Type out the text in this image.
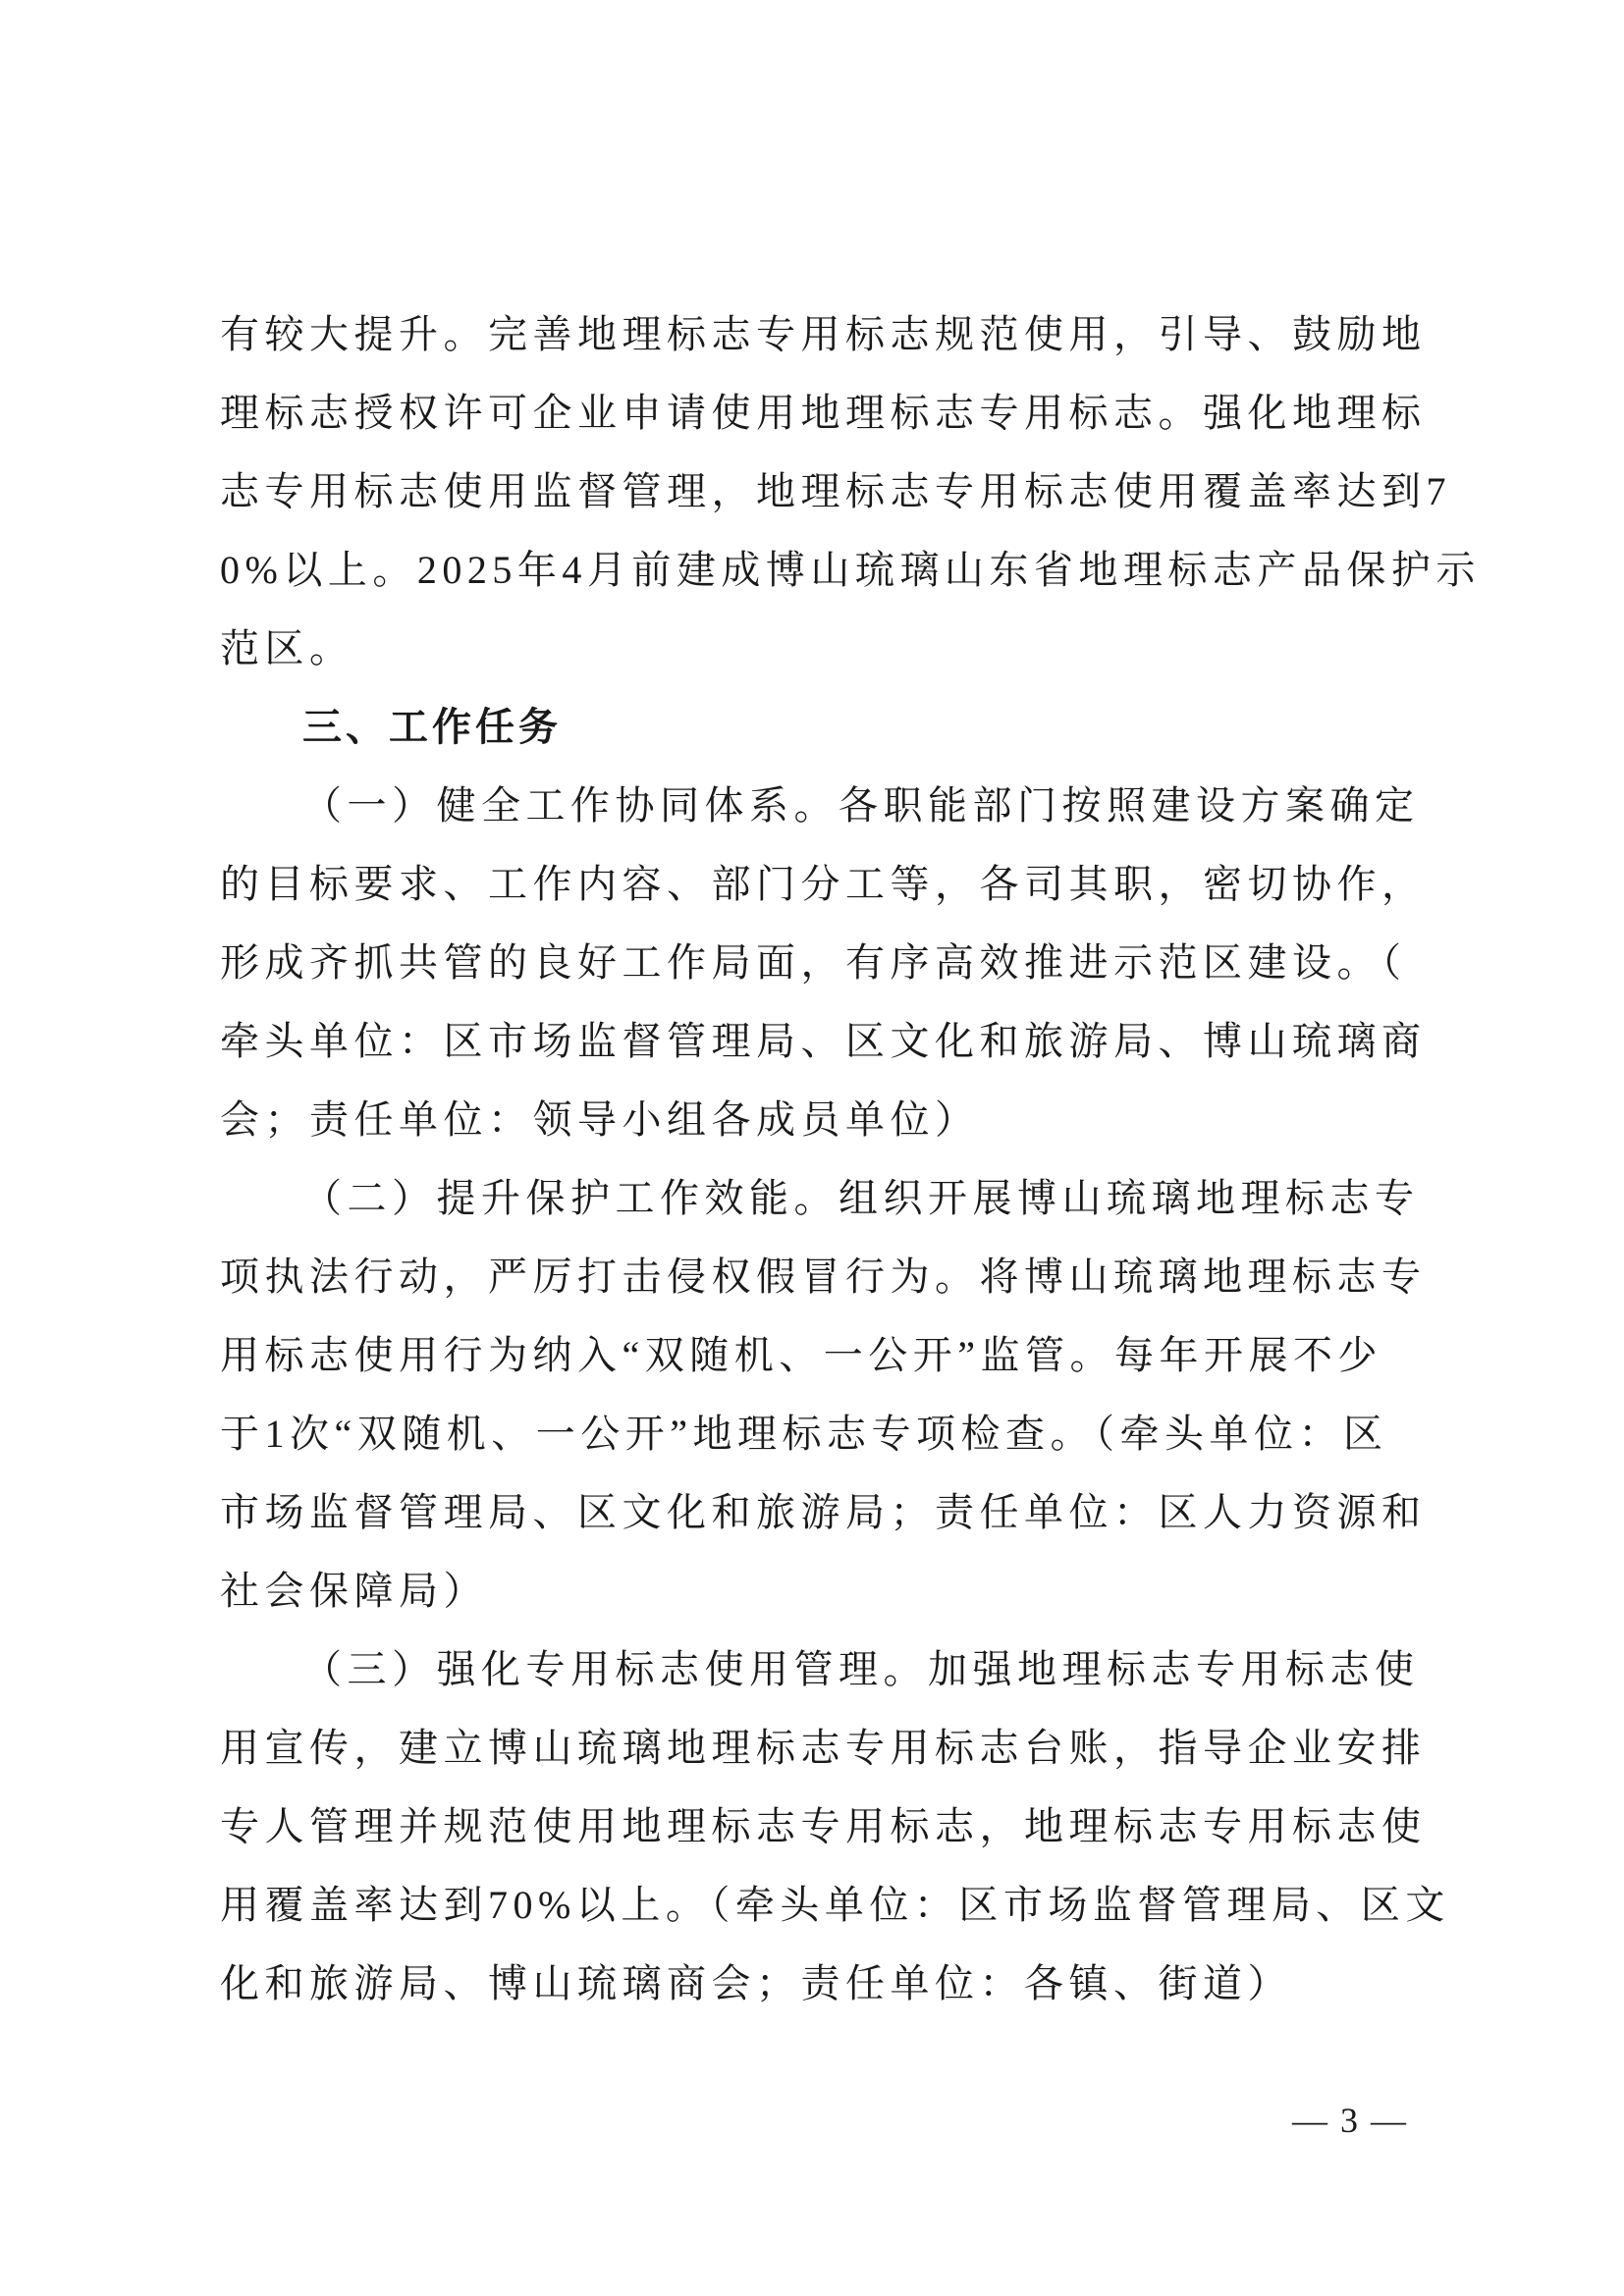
有较大提升。完善地理标志专用标志规范使用，引导、鼓励地
理标志授权许可企业申请使用地理标志专用标志。强化地理标
志专用标志使用监督管理，地理标志专用标志使用覆盖率达到7
0%以上。2025年4月前建成博山琉璃山东省地理标志产品保护示
范区。
三、工作任务
（一）健全工作协同体系。各职能部门按照建设方案确定
的目标要求、工作内容、部门分工等，各司其职，密切协作，
形成齐抓共管的良好工作局面，有序高效推进示范区建设。（
牵头单位：区市场监督管理局、区文化和旅游局、博山琉璃商
会；责任单位：领导小组各成员单位）
（二）提升保护工作效能。组织开展博山琉璃地理标志专
项执法行动，严厉打击侵权假冒行为。将博山琉璃地理标志专
用标志使用行为纳入“双随机、一公开”监管。每年开展不少
于1次“双随机、一公开”地理标志专项检查。（牵头单位：区
市场监督管理局、区文化和旅游局；责任单位：区人力资源和
社会保障局）
（三）强化专用标志使用管理。加强地理标志专用标志使
用宣传，建立博山琉璃地理标志专用标志台账，指导企业安排
专人管理并规范使用地理标志专用标志，地理标志专用标志使
用覆盖率达到70%以上。（牵头单位：区市场监督管理局、区文
化和旅游局、博山琉璃商会；责任单位：各镇、街道）
— 3 —
